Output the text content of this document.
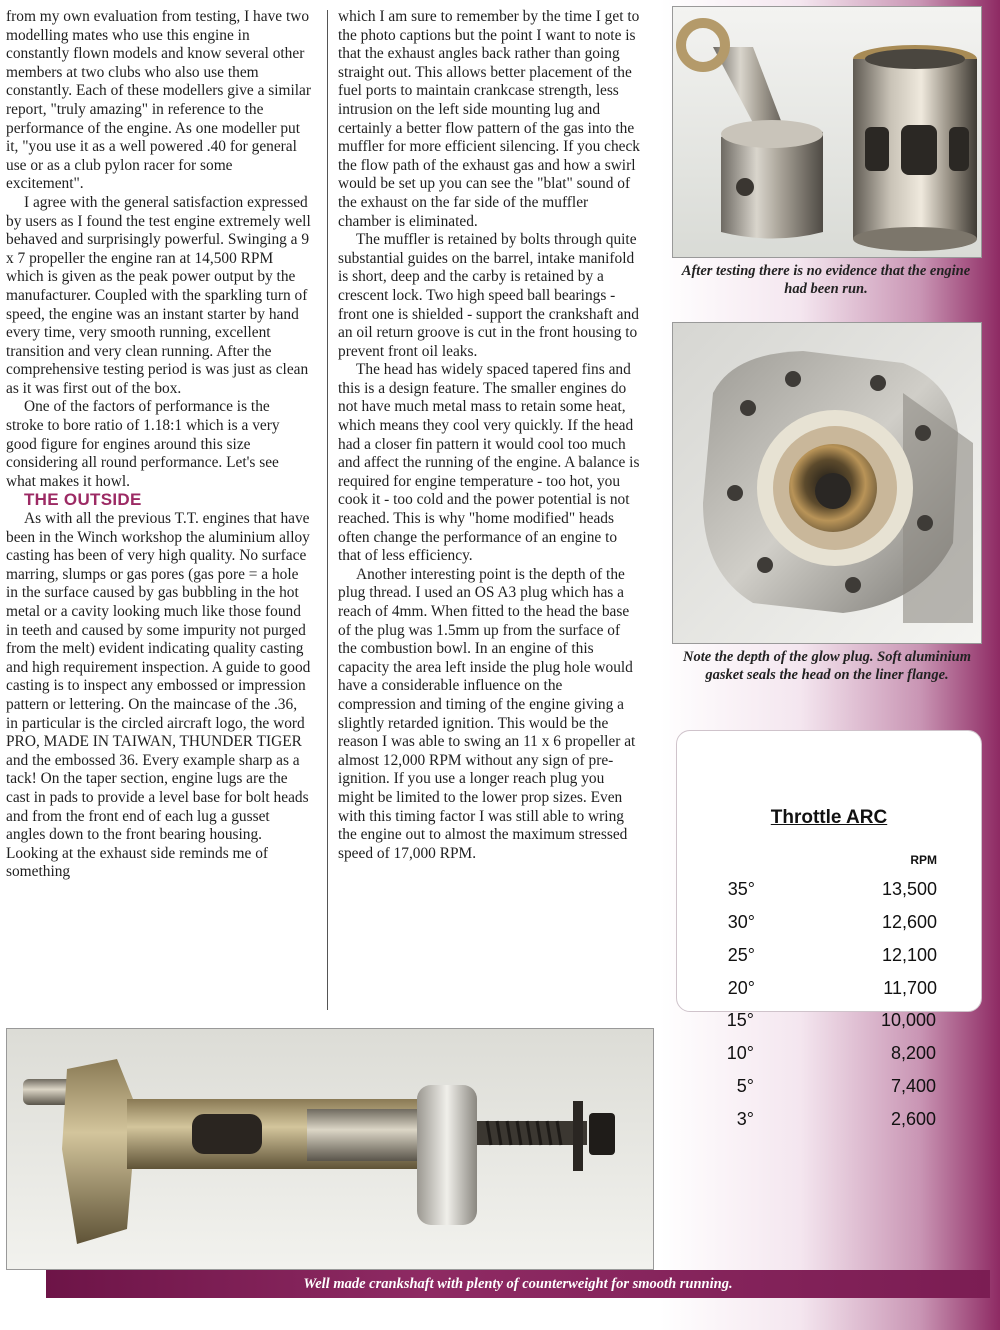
from my own evaluation from testing, I have two modelling mates who use this engine in constantly flown models and know several other members at two clubs who also use them constantly. Each of these modellers give a similar report, "truly amazing" in reference to the performance of the engine. As one modeller put it, "you use it as a well powered .40 for general use or as a club pylon racer for some excitement".

I agree with the general satisfaction expressed by users as I found the test engine extremely well behaved and surprisingly powerful. Swinging a 9 x 7 propeller the engine ran at 14,500 RPM which is given as the peak power output by the manufacturer. Coupled with the sparkling turn of speed, the engine was an instant starter by hand every time, very smooth running, excellent transition and very clean running. After the comprehensive testing period is was just as clean as it was first out of the box.

One of the factors of performance is the stroke to bore ratio of 1.18:1 which is a very good figure for engines around this size considering all round performance. Let's see what makes it howl.

THE OUTSIDE

As with all the previous T.T. engines that have been in the Winch workshop the aluminium alloy casting has been of very high quality. No surface marring, slumps or gas pores (gas pore = a hole in the surface caused by gas bubbling in the hot metal or a cavity looking much like those found in teeth and caused by some impurity not purged from the melt) evident indicating quality casting and high requirement inspection. A guide to good casting is to inspect any embossed or impression pattern or lettering. On the maincase of the .36, in particular is the circled aircraft logo, the word PRO, MADE IN TAIWAN, THUNDER TIGER and the embossed 36. Every example sharp as a tack! On the taper section, engine lugs are the cast in pads to provide a level base for bolt heads and from the front end of each lug a gusset angles down to the front bearing housing. Looking at the exhaust side reminds me of something

which I am sure to remember by the time I get to the photo captions but the point I want to note is that the exhaust angles back rather than going straight out. This allows better placement of the fuel ports to maintain crankcase strength, less intrusion on the left side mounting lug and certainly a better flow pattern of the gas into the muffler for more efficient silencing. If you check the flow path of the exhaust gas and how a swirl would be set up you can see the "blat" sound of the exhaust on the far side of the muffler chamber is eliminated.

The muffler is retained by bolts through quite substantial guides on the barrel, intake manifold is short, deep and the carby is retained by a crescent lock. Two high speed ball bearings - front one is shielded - support the crankshaft and an oil return groove is cut in the front housing to prevent front oil leaks.

The head has widely spaced tapered fins and this is a design feature. The smaller engines do not have much metal mass to retain some heat, which means they cool very quickly. If the head had a closer fin pattern it would cool too much and affect the running of the engine. A balance is required for engine temperature - too hot, you cook it - too cold and the power potential is not reached. This is why "home modified" heads often change the performance of an engine to that of less efficiency.

Another interesting point is the depth of the plug thread. I used an OS A3 plug which has a reach of 4mm. When fitted to the head the base of the plug was 1.5mm up from the surface of the combustion bowl. In an engine of this capacity the area left inside the plug hole would have a considerable influence on the compression and timing of the engine giving a slightly retarded ignition. This would be the reason I was able to swing an 11 x 6 propeller at almost 12,000 RPM without any sign of pre-ignition. If you use a longer reach plug you might be limited to the lower prop sizes. Even with this timing factor I was still able to wring the engine out to almost the maximum stressed speed of 17,000 RPM.

After testing there is no evidence that the engine had been run.
Note the depth of the glow plug. Soft aluminium gasket seals the head on the liner flange.
Throttle ARC
RPM
35°	13,500
30°	12,600
25°	12,100
20°	11,700
15°	10,000
10°	8,200
5°	7,400
3°	2,600
Well made crankshaft with plenty of counterweight for smooth running.
